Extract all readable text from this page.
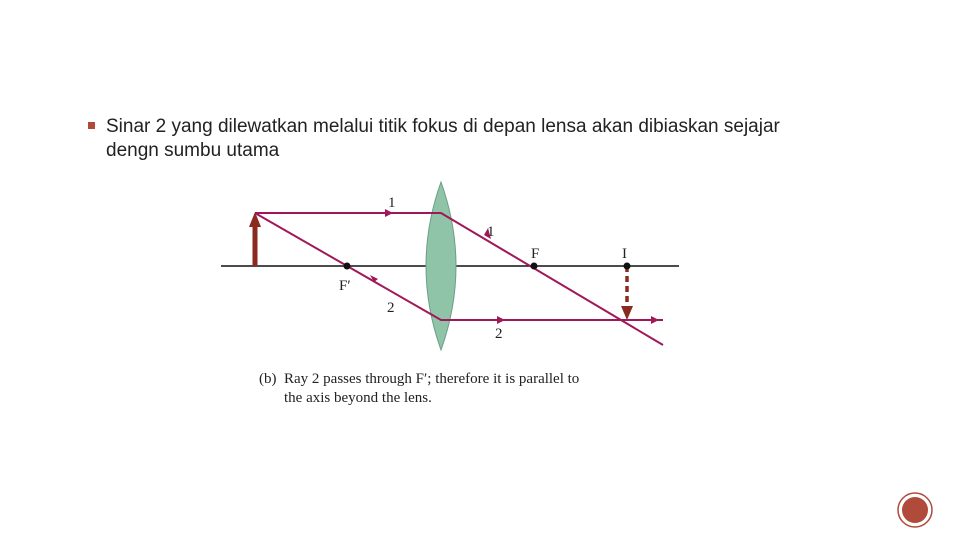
Sinar 2 yang dilewatkan melalui titik fokus di depan lensa akan dibiaskan sejajar dengn sumbu utama
1
1
F	I
F′
2
2
(b) Ray 2 passes through F′; therefore it is parallel to
the axis beyond the lens.
